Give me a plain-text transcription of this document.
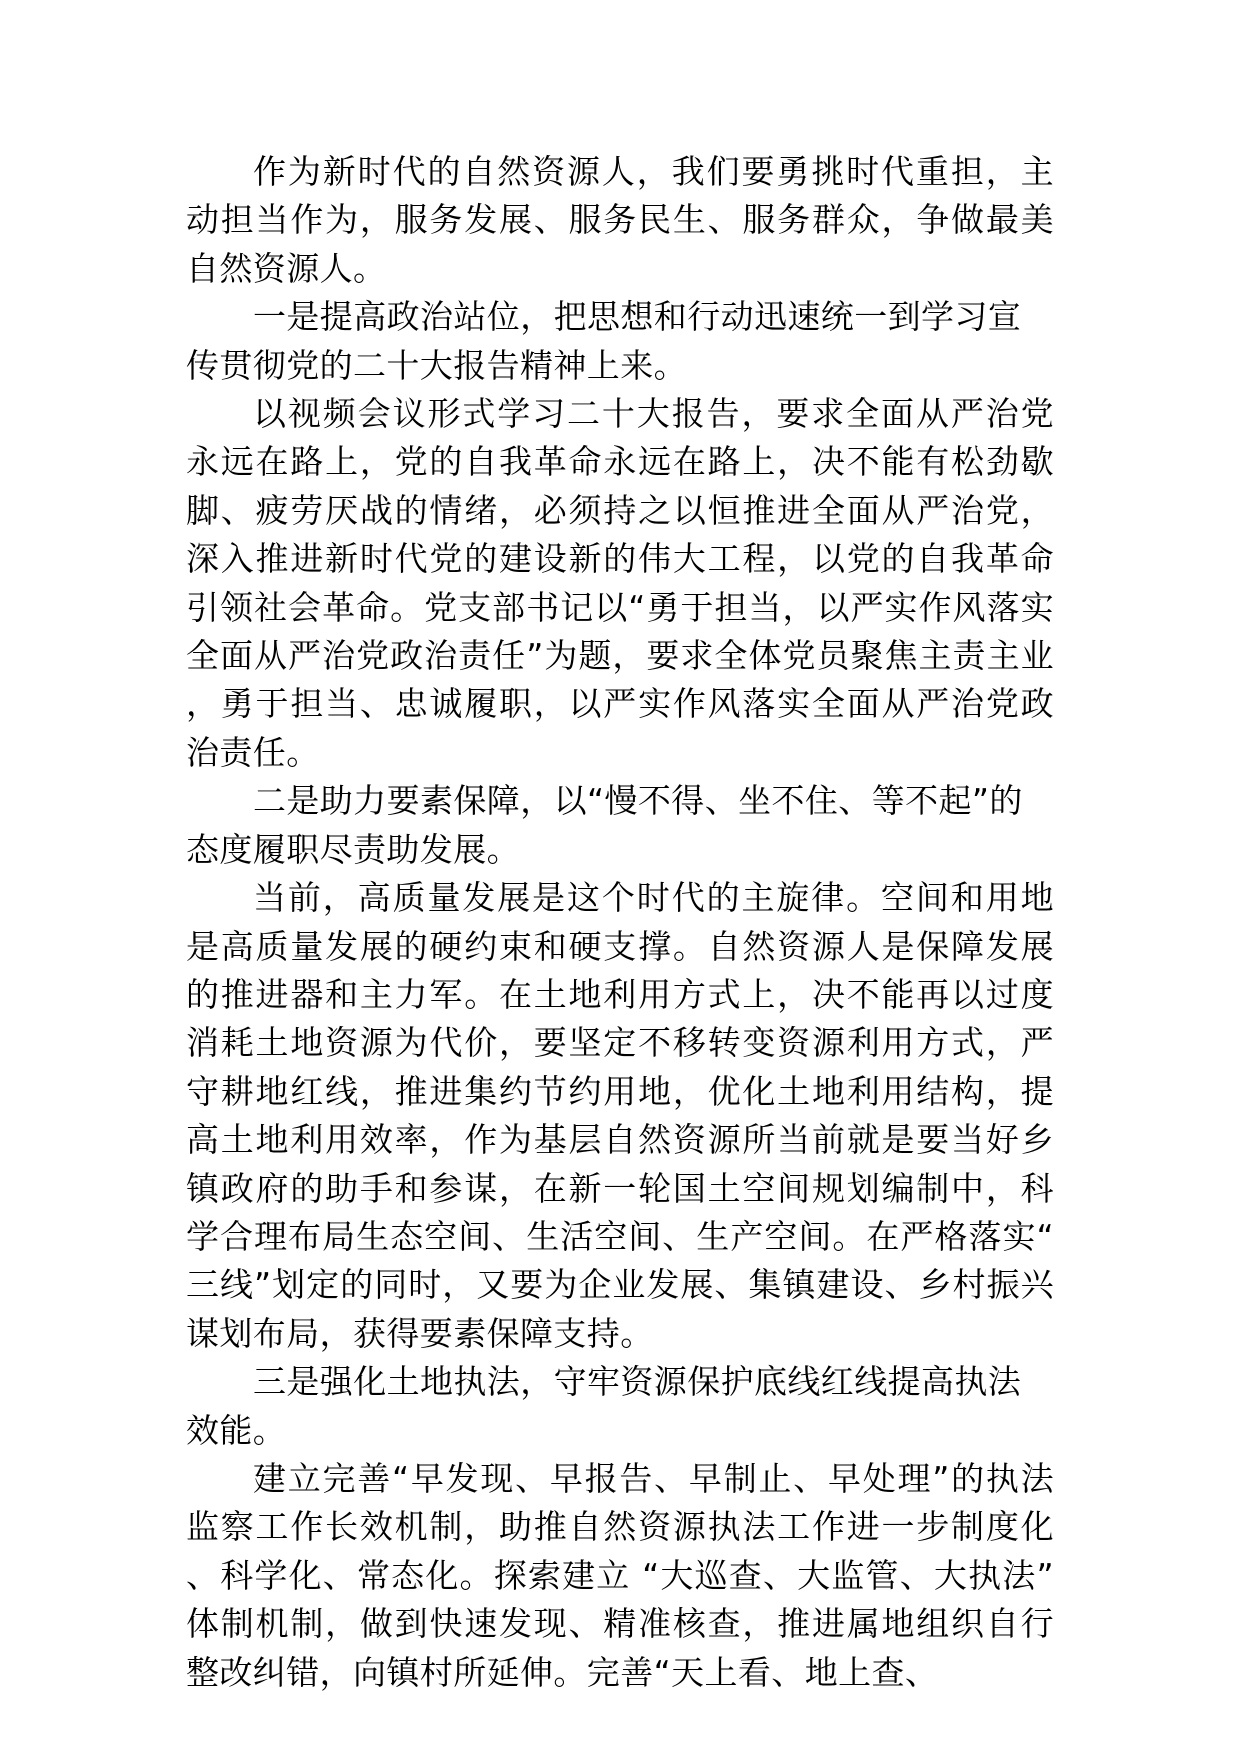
作为新时代的自然资源人，我们要勇挑时代重担，主动担当作为，服务发展、服务民生、服务群众，争做最美自然资源人。

一是提高政治站位，把思想和行动迅速统一到学习宣传贯彻党的二十大报告精神上来。

以视频会议形式学习二十大报告，要求全面从严治党永远在路上，党的自我革命永远在路上，决不能有松劲歇脚、疲劳厌战的情绪，必须持之以恒推进全面从严治党，深入推进新时代党的建设新的伟大工程，以党的自我革命引领社会革命。党支部书记以“勇于担当，以严实作风落实全面从严治党政治责任”为题，要求全体党员聚焦主责主业，勇于担当、忠诚履职，以严实作风落实全面从严治党政治责任。

二是助力要素保障，以“慢不得、坐不住、等不起”的态度履职尽责助发展。

当前，高质量发展是这个时代的主旋律。空间和用地是高质量发展的硬约束和硬支撑。自然资源人是保障发展的推进器和主力军。在土地利用方式上，决不能再以过度消耗土地资源为代价，要坚定不移转变资源利用方式，严守耕地红线，推进集约节约用地，优化土地利用结构，提高土地利用效率，作为基层自然资源所当前就是要当好乡镇政府的助手和参谋，在新一轮国土空间规划编制中，科学合理布局生态空间、生活空间、生产空间。在严格落实“三线”划定的同时，又要为企业发展、集镇建设、乡村振兴谋划布局，获得要素保障支持。

三是强化土地执法，守牢资源保护底线红线提高执法效能。

建立完善“早发现、早报告、早制止、早处理”的执法监察工作长效机制，助推自然资源执法工作进一步制度化、科学化、常态化。探索建立 “大巡查、大监管、大执法”体制机制，做到快速发现、精准核查，推进属地组织自行整改纠错，向镇村所延伸。完善“天上看、地上查、
